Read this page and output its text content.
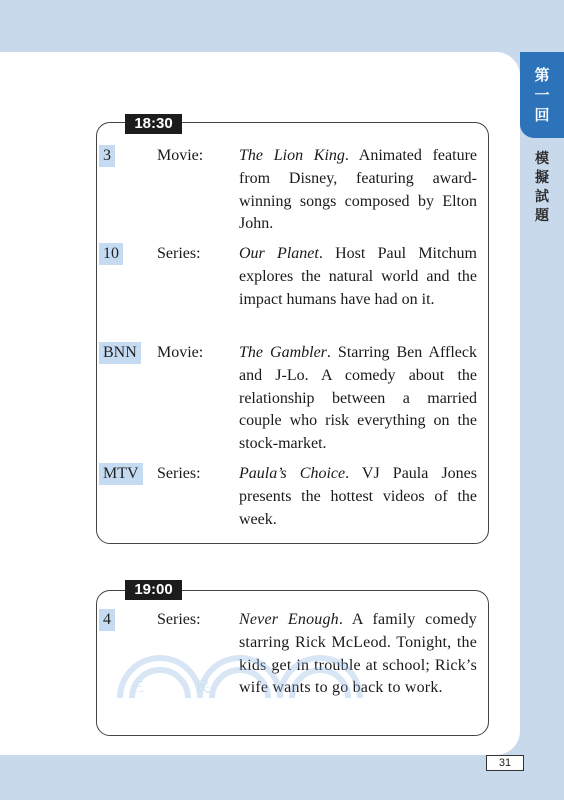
第
一
回
模
擬
試
題
3	Movie: The Lion King. Animated feature from Disney, featuring award-winning songs composed by Elton John.
10 Series: Our Planet. Host Paul Mitchum explores the natural world and the impact humans have had on it.
BNN Movie: The Gambler. Starring Ben Affleck and J-Lo. A comedy about the relationship between a married couple who risk everything on the stock-market.
MTV Series: Paula’s Choice. VJ Paula Jones presents the hottest videos of the week.
18:30
4	Series: Never Enough. A family comedy starring Rick McLeod. Tonight, the kids get in trouble at school; Rick’s wife wants to go back to work.
19:00
三	民
31
